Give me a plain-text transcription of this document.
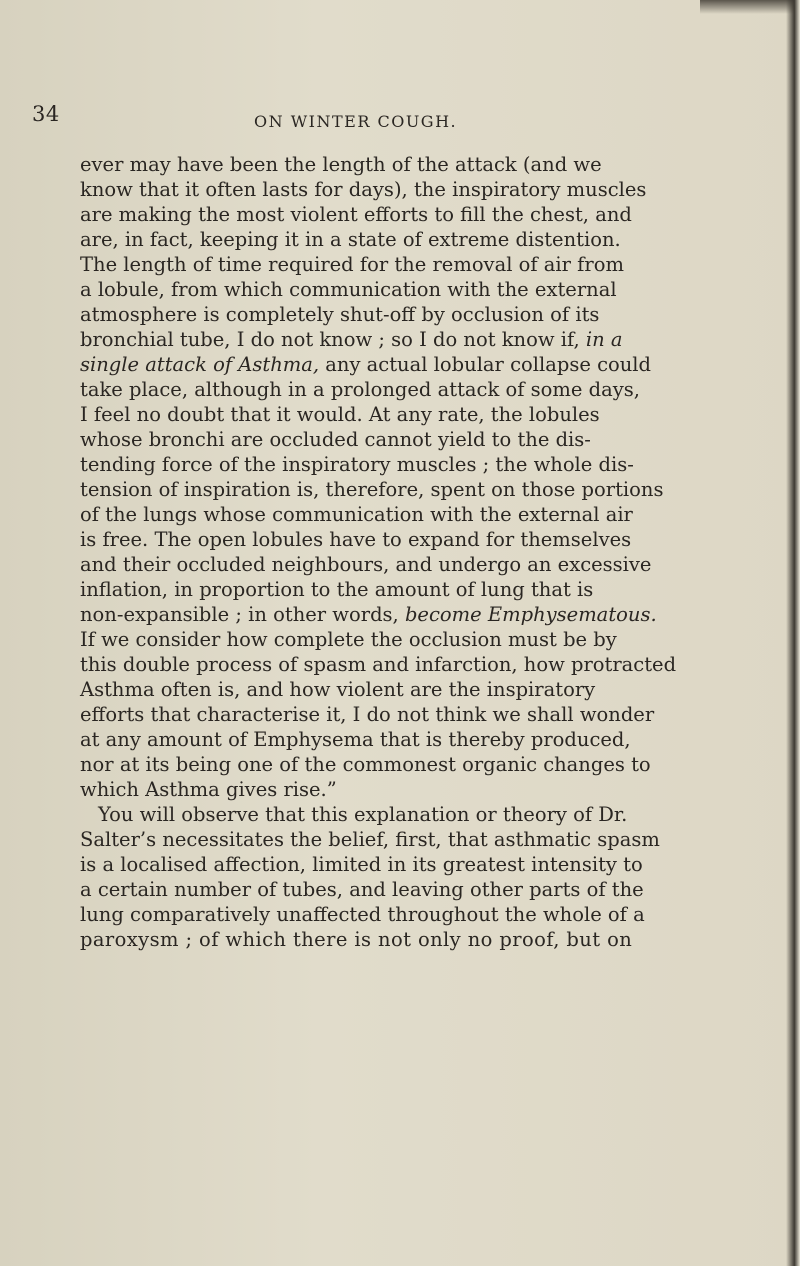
34	ON WINTER COUGH.
ever may have been the length of the attack (and we
know that it often lasts for days), the inspiratory muscles
are making the most violent efforts to fill the chest, and
are, in fact, keeping it in a state of extreme distention.
The length of time required for the removal of air from
a lobule, from which communication with the external
atmosphere is completely shut-off by occlusion of its
bronchial tube, I do not know ; so I do not know if, in a
single attack of Asthma, any actual lobular collapse could
take place, although in a prolonged attack of some days,
I feel no doubt that it would. At any rate, the lobules
whose bronchi are occluded cannot yield to the dis-
tending force of the inspiratory muscles ; the whole dis-
tension of inspiration is, therefore, spent on those portions
of the lungs whose communication with the external air
is free. The open lobules have to expand for themselves
and their occluded neighbours, and undergo an excessive
inflation, in proportion to the amount of lung that is
non-expansible ; in other words, become Emphysematous.
If we consider how complete the occlusion must be by
this double process of spasm and infarction, how protracted
Asthma often is, and how violent are the inspiratory
efforts that characterise it, I do not think we shall wonder
at any amount of Emphysema that is thereby produced,
nor at its being one of the commonest organic changes to
which Asthma gives rise.”
You will observe that this explanation or theory of Dr.
Salter’s necessitates the belief, first, that asthmatic spasm
is a localised affection, limited in its greatest intensity to
a certain number of tubes, and leaving other parts of the
lung comparatively unaffected throughout the whole of a
paroxysm ; of which there is not only no proof, but on
